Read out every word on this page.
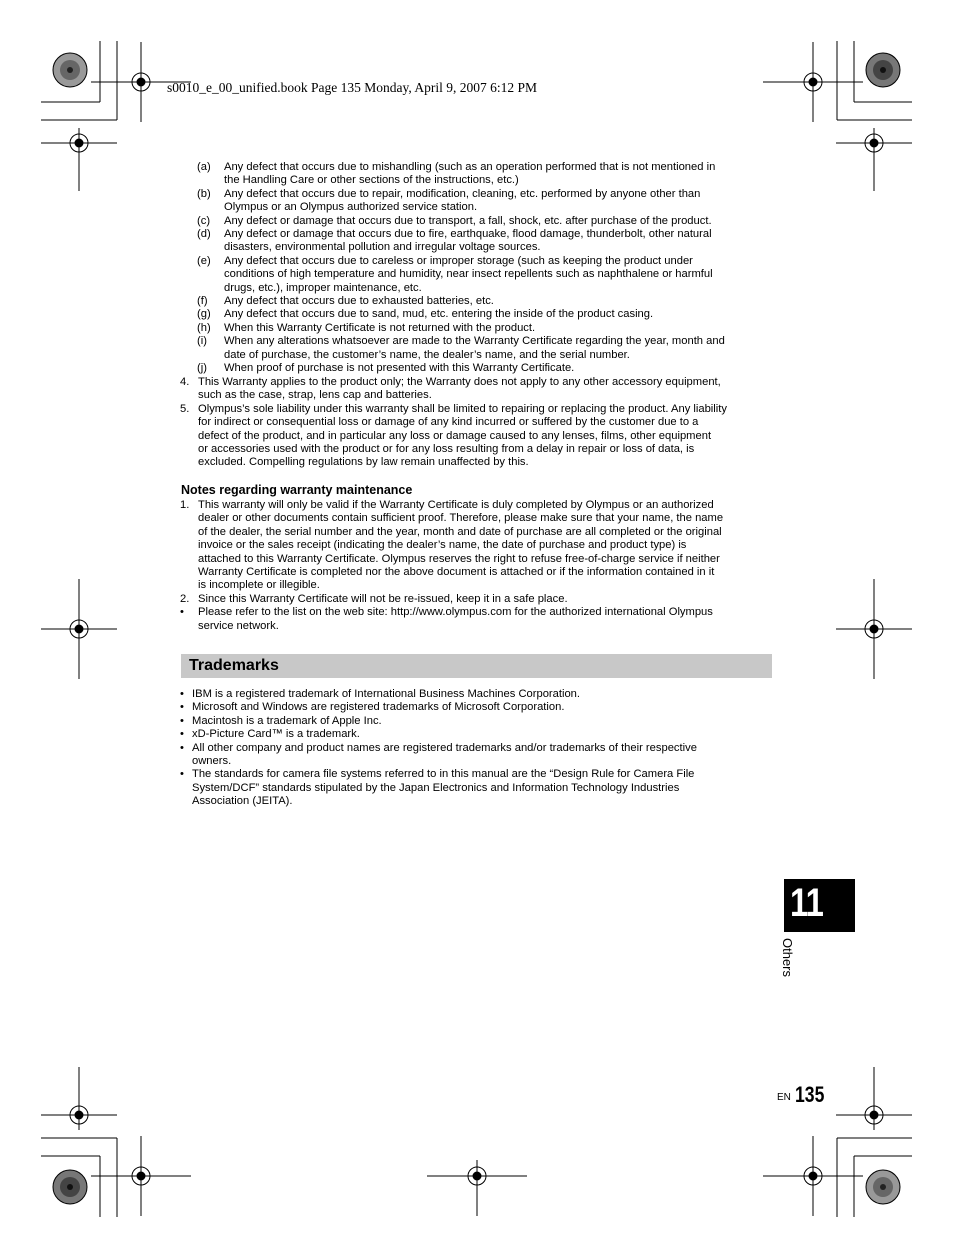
s0010_e_00_unified.book Page 135 Monday, April 9, 2007 6:12 PM
(a) Any defect that occurs due to mishandling (such as an operation performed that is not mentioned in
the Handling Care or other sections of the instructions, etc.)
(b) Any defect that occurs due to repair, modification, cleaning, etc. performed by anyone other than
Olympus or an Olympus authorized service station.
(c) Any defect or damage that occurs due to transport, a fall, shock, etc. after purchase of the product.
(d) Any defect or damage that occurs due to fire, earthquake, flood damage, thunderbolt, other natural
disasters, environmental pollution and irregular voltage sources.
(e) Any defect that occurs due to careless or improper storage (such as keeping the product under
conditions of high temperature and humidity, near insect repellents such as naphthalene or harmful
drugs, etc.), improper maintenance, etc.
(f) Any defect that occurs due to exhausted batteries, etc.
(g) Any defect that occurs due to sand, mud, etc. entering the inside of the product casing.
(h) When this Warranty Certificate is not returned with the product.
(i) When any alterations whatsoever are made to the Warranty Certificate regarding the year, month and
date of purchase, the customer’s name, the dealer’s name, and the serial number.
(j) When proof of purchase is not presented with this Warranty Certificate.
4. This Warranty applies to the product only; the Warranty does not apply to any other accessory equipment,
such as the case, strap, lens cap and batteries.
5. Olympus’s sole liability under this warranty shall be limited to repairing or replacing the product. Any liability
for indirect or consequential loss or damage of any kind incurred or suffered by the customer due to a
defect of the product, and in particular any loss or damage caused to any lenses, films, other equipment
or accessories used with the product or for any loss resulting from a delay in repair or loss of data, is
excluded. Compelling regulations by law remain unaffected by this.
1. This warranty will only be valid if the Warranty Certificate is duly completed by Olympus or an authorized
dealer or other documents contain sufficient proof. Therefore, please make sure that your name, the name
of the dealer, the serial number and the year, month and date of purchase are all completed or the original
invoice or the sales receipt (indicating the dealer’s name, the date of purchase and product type) is
attached to this Warranty Certificate. Olympus reserves the right to refuse free-of-charge service if neither
Warranty Certificate is completed nor the above document is attached or if the information contained in it
is incomplete or illegible.
2. Since this Warranty Certificate will not be re-issued, keep it in a safe place.
• Please refer to the list on the web site: http://www.olympus.com for the authorized international Olympus
service network.
• IBM is a registered trademark of International Business Machines Corporation.
• Microsoft and Windows are registered trademarks of Microsoft Corporation.
• Macintosh is a trademark of Apple Inc.
• xD-Picture Card™ is a trademark.
• All other company and product names are registered trademarks and/or trademarks of their respective
owners.
• The standards for camera file systems referred to in this manual are the “Design Rule for Camera File
System/DCF” standards stipulated by the Japan Electronics and Information Technology Industries
Association (JEITA).
Notes regarding warranty maintenance
Trademarks
11
Others
EN 135
